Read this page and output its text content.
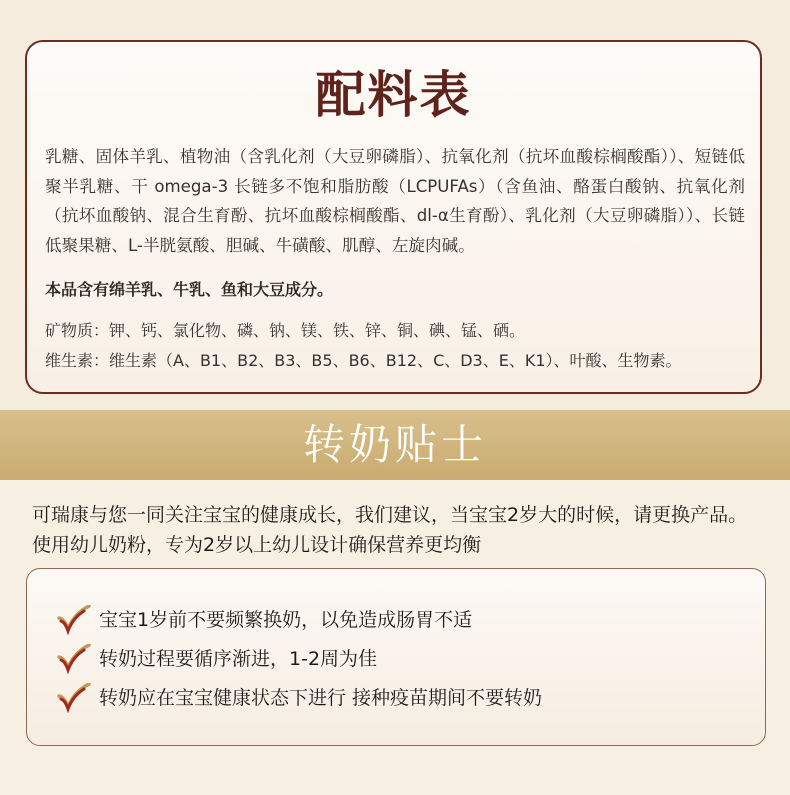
配料表
乳糖、固体羊乳、植物油（含乳化剂（大豆卵磷脂）、抗氧化剂（抗坏血酸棕榈酸酯））、短链低聚半乳糖、干 omega-3 长链多不饱和脂肪酸（LCPUFAs）（含鱼油、酪蛋白酸钠、抗氧化剂（抗坏血酸钠、混合生育酚、抗坏血酸棕榈酸酯、dl-α生育酚）、乳化剂（大豆卵磷脂））、长链低聚果糖、L-半胱氨酸、胆碱、牛磺酸、肌醇、左旋肉碱。
本品含有绵羊乳、牛乳、鱼和大豆成分。
矿物质：钾、钙、氯化物、磷、钠、镁、铁、锌、铜、碘、锰、硒。
维生素：维生素（A、B1、B2、B3、B5、B6、B12、C、D3、E、K1）、叶酸、生物素。
转奶贴士
可瑞康与您一同关注宝宝的健康成长，我们建议，当宝宝2岁大的时候，请更换产品。使用幼儿奶粉，专为2岁以上幼儿设计确保营养更均衡
宝宝1岁前不要频繁换奶，以免造成肠胃不适
转奶过程要循序渐进，1-2周为佳
转奶应在宝宝健康状态下进行 接种疫苗期间不要转奶
